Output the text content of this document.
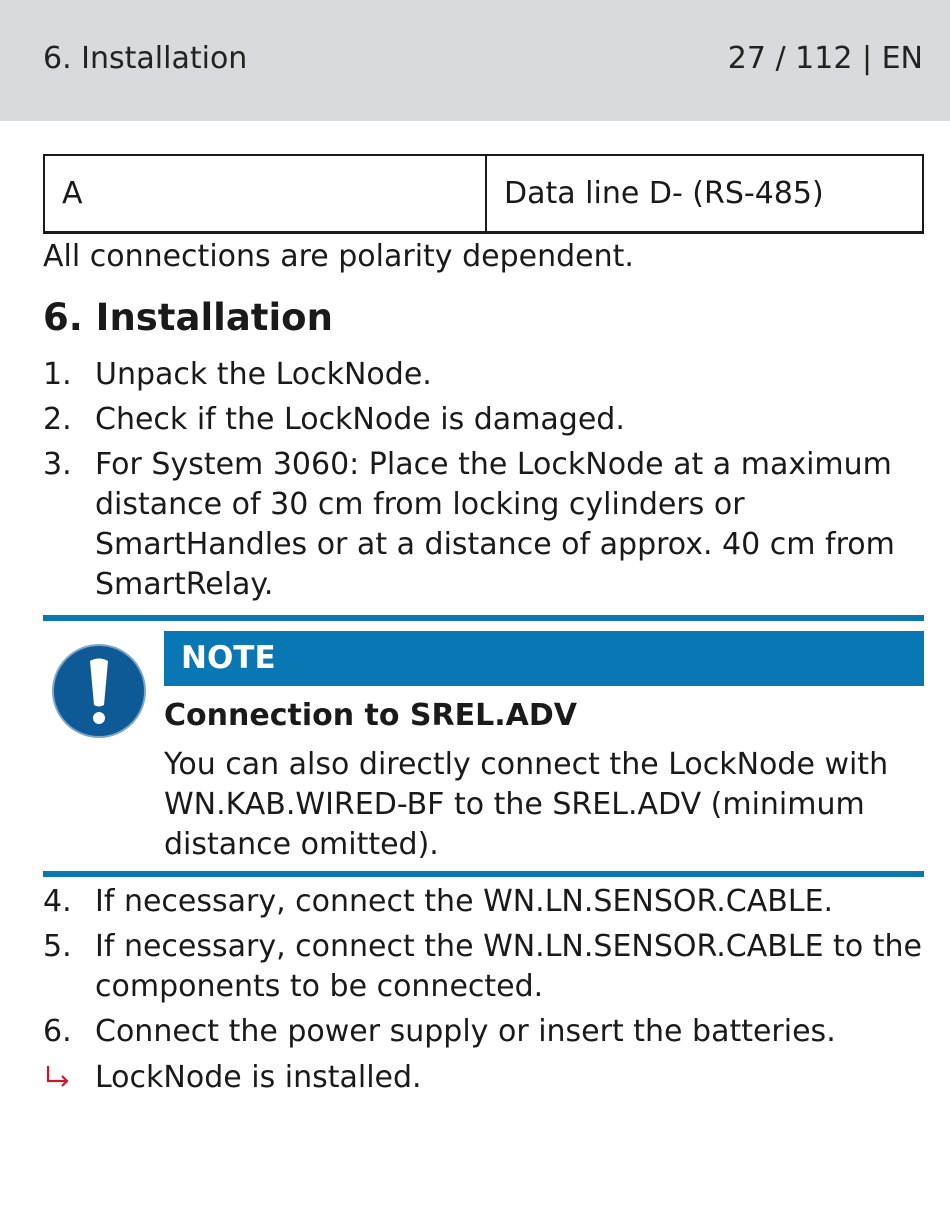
6. Installation	27 / 112 | EN
A	Data line D- (RS-485)
All connections are polarity dependent.
6. Installation
1. Unpack the LockNode.
2. Check if the LockNode is damaged.
3. For System 3060: Place the LockNode at a maximum distance of 30 cm from locking cylinders or SmartHandles or at a distance of approx. 40 cm from SmartRelay.
NOTE
Connection to SREL.ADV
You can also directly connect the LockNode with WN.KAB.WIRED-BF to the SREL.ADV (minimum distance omitted).
4. If necessary, connect the WN.LN.SENSOR.CABLE.
5. If necessary, connect the WN.LN.SENSOR.CABLE to the components to be connected.
6. Connect the power supply or insert the batteries.
LockNode is installed.
